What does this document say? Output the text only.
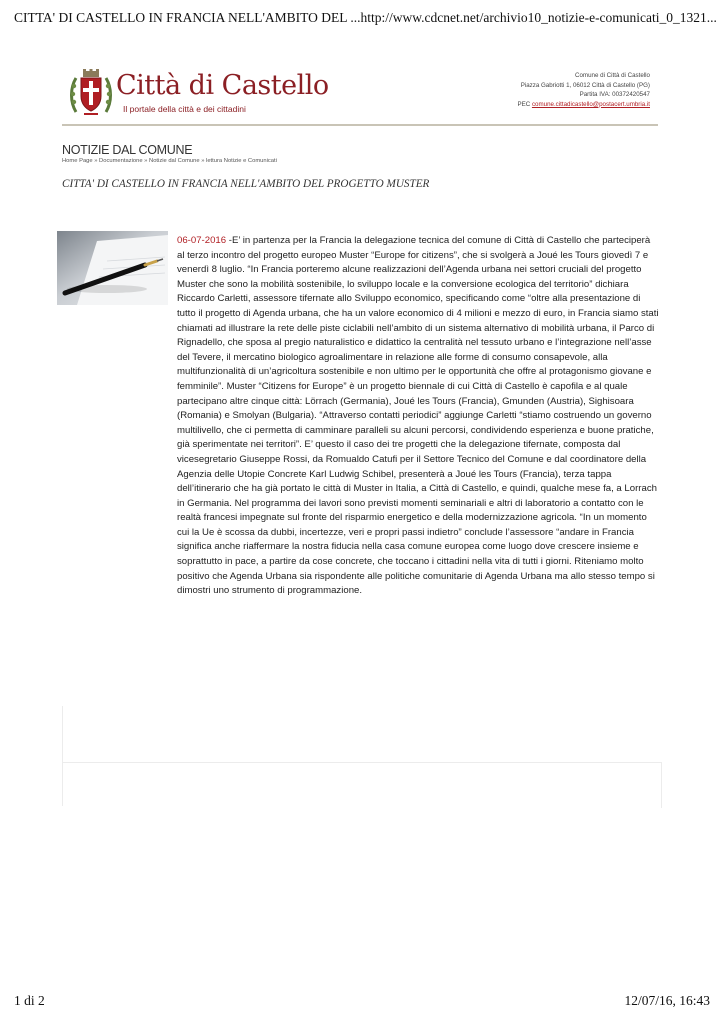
CITTA' DI CASTELLO IN FRANCIA NELL'AMBITO DEL ... http://www.cdcnet.net/archivio10_notizie-e-comunicati_0_1321...
Città di Castello
Il portale della città e dei cittadini
Comune di Città di Castello
Piazza Gabriotti 1, 06012 Città di Castello (PG)
Partita IVA: 00372420547
PEC comune.cittadicastello@postacert.umbria.it
NOTIZIE DAL COMUNE
Home Page » Documentazione » Notizie dal Comune » lettura Notizie e Comunicati
CITTA' DI CASTELLO IN FRANCIA NELL'AMBITO DEL PROGETTO MUSTER
06-07-2016 -E’ in partenza per la Francia la delegazione tecnica del comune di Città di Castello che parteciperà al terzo incontro del progetto europeo Muster “Europe for citizens”, che si svolgerà a Joué les Tours giovedì 7 e venerdì 8 luglio. “In Francia porteremo alcune realizzazioni dell’Agenda urbana nei settori cruciali del progetto Muster che sono la mobilità sostenibile, lo sviluppo locale e la conversione ecologica del territorio” dichiara Riccardo Carletti, assessore tifernate allo Sviluppo economico, specificando come “oltre alla presentazione di tutto il progetto di Agenda urbana, che ha un valore economico di 4 milioni e mezzo di euro, in Francia siamo stati chiamati ad illustrare la rete delle piste ciclabili nell’ambito di un sistema alternativo di mobilità urbana, il Parco di Rignadello, che sposa al pregio naturalistico e didattico la centralità nel tessuto urbano e l’integrazione nell’asse del Tevere, il mercatino biologico agroalimentare in relazione alle forme di consumo consapevole, alla multifunzionalità di un’agricoltura sostenibile e non ultimo per le opportunità che offre al protagonismo giovane e femminile”. Muster “Citizens for Europe” è un progetto biennale di cui Città di Castello è capofila e al quale partecipano altre cinque città: Lörrach (Germania), Joué les Tours (Francia), Gmunden (Austria), Sighisoara (Romania) e Smolyan (Bulgaria). “Attraverso contatti periodici” aggiunge Carletti “stiamo costruendo un governo multilivello, che ci permetta di camminare paralleli su alcuni percorsi, condividendo esperienza e buone pratiche, già sperimentate nei territori”. E’ questo il caso dei tre progetti che la delegazione tifernate, composta dal vicesegretario Giuseppe Rossi, da Romualdo Catufi per il Settore Tecnico del Comune e dal coordinatore della Agenzia delle Utopie Concrete Karl Ludwig Schibel, presenterà a Joué les Tours (Francia), terza tappa dell’itinerario che ha già portato le città di Muster in Italia, a Città di Castello, e quindi, qualche mese fa, a Lorrach in Germania. Nel programma dei lavori sono previsti momenti seminariali e altri di laboratorio a contatto con le realtà francesi impegnate sul fronte del risparmio energetico e della modernizzazione agricola. “In un momento cui la Ue è scossa da dubbi, incertezze, veri e propri passi indietro” conclude l’assessore “andare in Francia significa anche riaffermare la nostra fiducia nella casa comune europea come luogo dove crescere insieme e soprattutto in pace, a partire da cose concrete, che toccano i cittadini nella vita di tutti i giorni. Riteniamo molto positivo che Agenda Urbana sia rispondente alle politiche comunitarie di Agenda Urbana ma allo stesso tempo si dimostri uno strumento di programmazione.
1 di 2	12/07/16, 16:43
